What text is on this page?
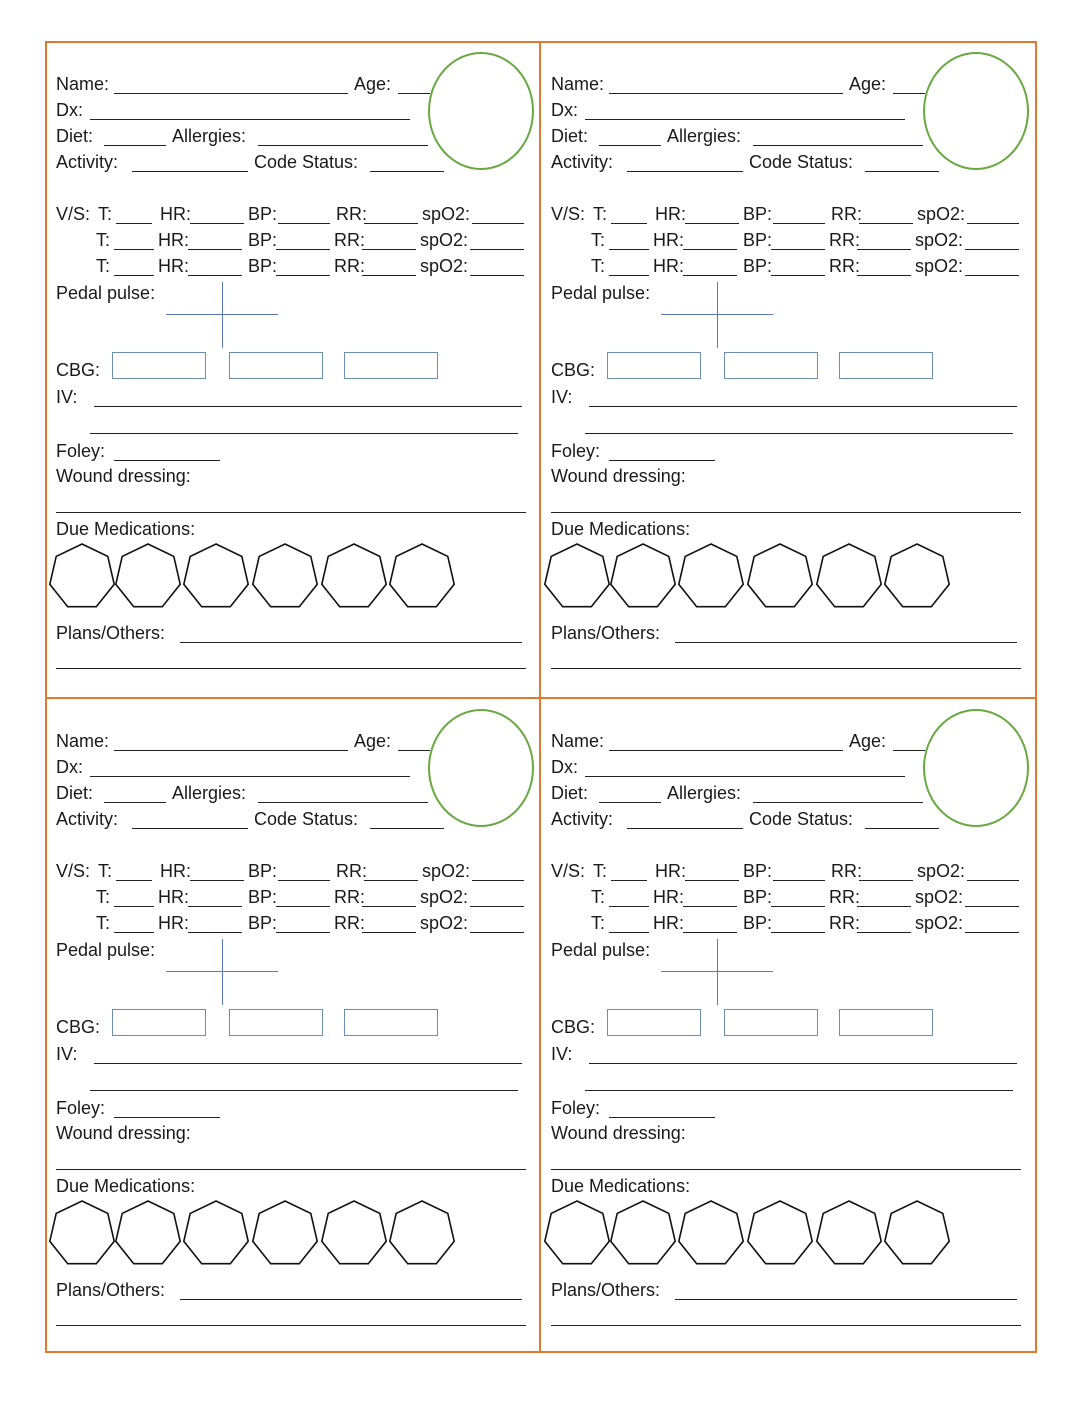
Name:	Age:
Dx:
Diet:	Allergies:
Activity:	Code Status:
V/S: T:	HR:	BP:	RR:	spO2:
T:	HR:	BP:	RR:	spO2:
T:	HR:	BP:	RR:	spO2:
Pedal pulse:
CBG:
IV:
Foley:
Wound dressing:
Due Medications:
Plans/Others:
Name:	Age:
Dx:
Diet:	Allergies:
Activity:	Code Status:
V/S: T:	HR:	BP:	RR:	spO2:
T:	HR:	BP:	RR:	spO2:
T:	HR:	BP:	RR:	spO2:
Pedal pulse:
CBG:
IV:
Foley:
Wound dressing:
Due Medications:
Plans/Others:
Name:	Age:
Dx:
Diet:	Allergies:
Activity:	Code Status:
V/S: T:	HR:	BP:	RR:	spO2:
T:	HR:	BP:	RR:	spO2:
T:	HR:	BP:	RR:	spO2:
Pedal pulse:
CBG:
IV:
Foley:
Wound dressing:
Due Medications:
Plans/Others:
Name:	Age:
Dx:
Diet:	Allergies:
Activity:	Code Status:
V/S: T:	HR:	BP:	RR:	spO2:
T:	HR:	BP:	RR:	spO2:
T:	HR:	BP:	RR:	spO2:
Pedal pulse:
CBG:
IV:
Foley:
Wound dressing:
Due Medications:
Plans/Others:
